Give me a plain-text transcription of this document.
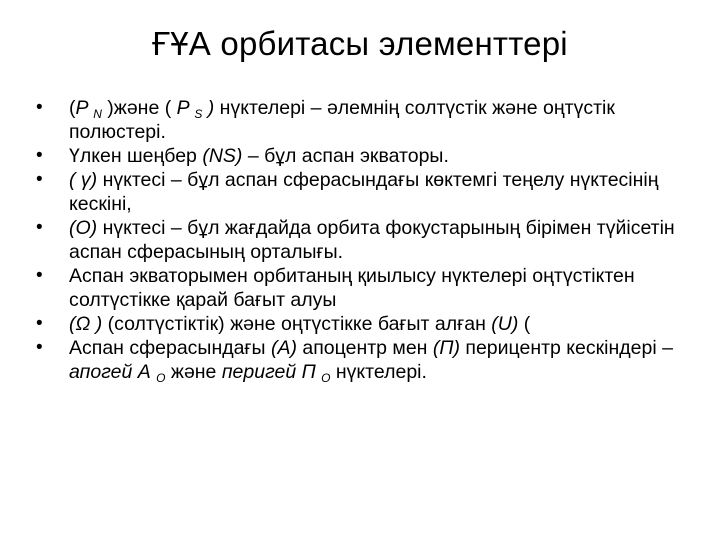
ҒҰА орбитасы элементтері
•	(P $_N$ )және ( P $_S$ ) нүктелері – әлемнің солтүстік және оңтүстік полюстері.
•	Үлкен шеңбер (NS) – бұл аспан экваторы.
•	( γ) нүктесі – бұл аспан сферасындағы көктемгі теңелу нүктесінің кескіні,
•	(O) нүктесі – бұл жағдайда орбита фокустарының бірімен түйісетін аспан сферасының орталығы.
•	Аспан экваторымен орбитаның қиылысу нүктелері оңтүстіктен солтүстікке қарай бағыт алуы
•	(Ω ) (солтүстіктік) және оңтүстікке бағыт алған (U) (
•	Аспан сферасындағы (А) апоцентр мен (П) перицентр кескіндері – апогей А $_O$ және перигей П $_O$ нүктелері.
